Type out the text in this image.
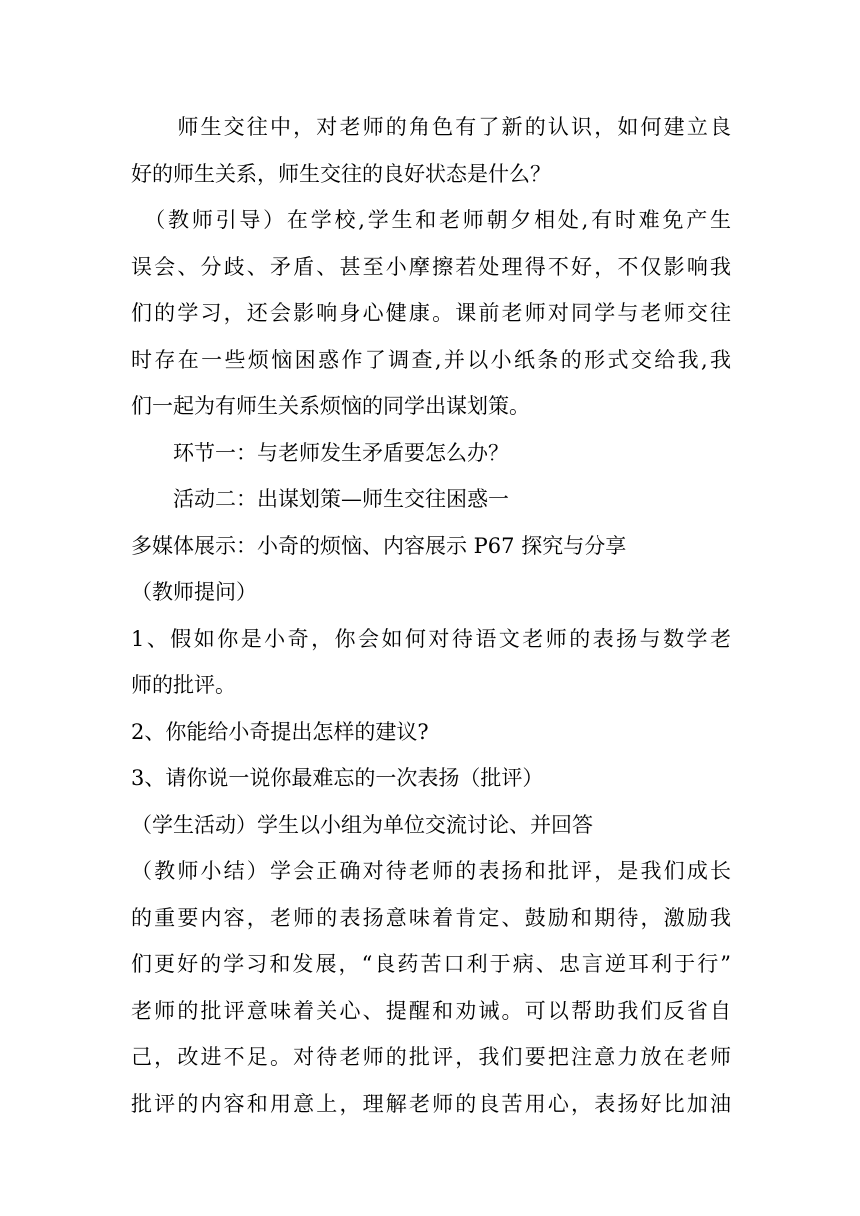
　　师生交往中，对老师的角色有了新的认识，如何建立良
好的师生关系，师生交往的良好状态是什么？
　（教师引导）在学校,学生和老师朝夕相处,有时难免产生
误会、分歧、矛盾、甚至小摩擦若处理得不好，不仅影响我
们的学习，还会影响身心健康。课前老师对同学与老师交往
时存在一些烦恼困惑作了调查,并以小纸条的形式交给我,我
们一起为有师生关系烦恼的同学出谋划策。
　　环节一：与老师发生矛盾要怎么办？
　　活动二：出谋划策—师生交往困惑一
多媒体展示：小奇的烦恼、内容展示 P67 探究与分享
（教师提问）
1、假如你是小奇，你会如何对待语文老师的表扬与数学老
师的批评。
2、你能给小奇提出怎样的建议?
3、请你说一说你最难忘的一次表扬（批评）
（学生活动）学生以小组为单位交流讨论、并回答
（教师小结）学会正确对待老师的表扬和批评，是我们成长
的重要内容，老师的表扬意味着肯定、鼓励和期待，激励我
们更好的学习和发展，“良药苦口利于病、忠言逆耳利于行”
老师的批评意味着关心、提醒和劝诫。可以帮助我们反省自
己，改进不足。对待老师的批评，我们要把注意力放在老师
批评的内容和用意上，理解老师的良苦用心，表扬好比加油
